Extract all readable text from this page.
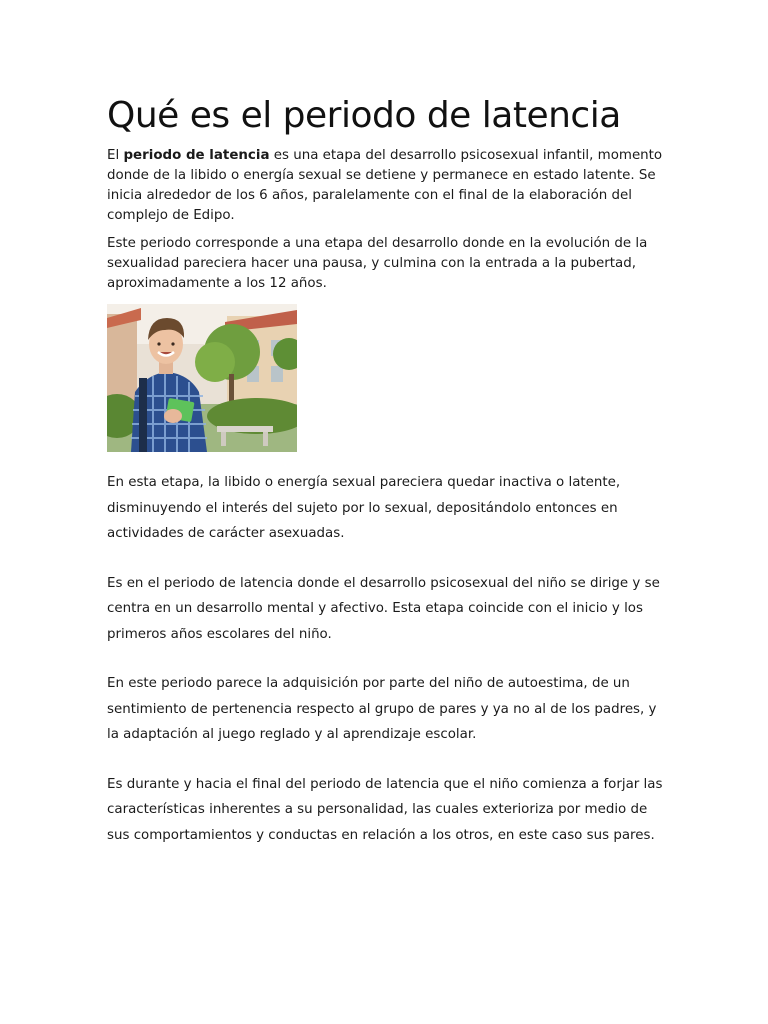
Qué es el periodo de latencia

El periodo de latencia es una etapa del desarrollo psicosexual infantil, momento donde de la libido o energía sexual se detiene y permanece en estado latente. Se inicia alrededor de los 6 años, paralelamente con el final de la elaboración del complejo de Edipo.

Este periodo corresponde a una etapa del desarrollo donde en la evolución de la sexualidad pareciera hacer una pausa, y culmina con la entrada a la pubertad, aproximadamente a los 12 años.

En esta etapa, la libido o energía sexual pareciera quedar inactiva o latente, disminuyendo el interés del sujeto por lo sexual, depositándolo entonces en actividades de carácter asexuadas.

Es en el periodo de latencia donde el desarrollo psicosexual del niño se dirige y se centra en un desarrollo mental y afectivo. Esta etapa coincide con el inicio y los primeros años escolares del niño.

En este periodo parece la adquisición por parte del niño de autoestima, de un sentimiento de pertenencia respecto al grupo de pares y ya no al de los padres, y la adaptación al juego reglado y al aprendizaje escolar.

Es durante y hacia el final del periodo de latencia que el niño comienza a forjar las características inherentes a su personalidad, las cuales exterioriza por medio de sus comportamientos y conductas en relación a los otros, en este caso sus pares.
